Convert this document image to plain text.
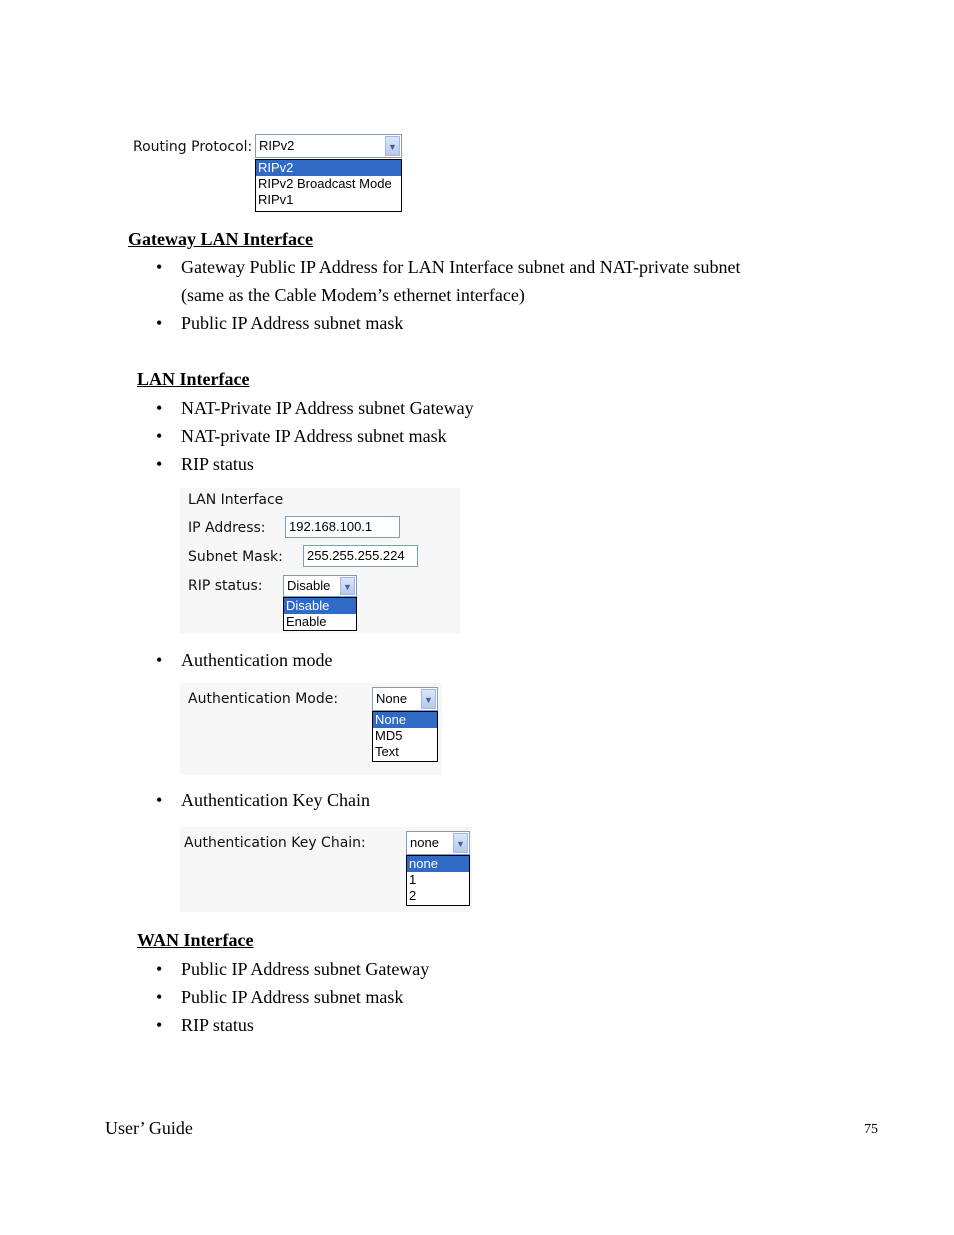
Routing Protocol: RIPv2	▼
RIPv2
RIPv2 Broadcast Mode
RIPv1
Gateway LAN Interface
• Gateway Public IP Address for LAN Interface subnet and NAT-private subnet
(same as the Cable Modem’s ethernet interface)
• Public IP Address subnet mask
LAN Interface
• NAT-Private IP Address subnet Gateway
• NAT-private IP Address subnet mask
• RIP status
LAN Interface
IP Address:	192.168.100.1
Subnet Mask:	255.255.255.224
RIP status:	Disable	▼
Disable
Enable
• Authentication mode
Authentication Mode:	None	▼
None
MD5
Text
• Authentication Key Chain
Authentication Key Chain:	none	▼
none
1
2
WAN Interface
• Public IP Address subnet Gateway
• Public IP Address subnet mask
• RIP status
User’ Guide	75
